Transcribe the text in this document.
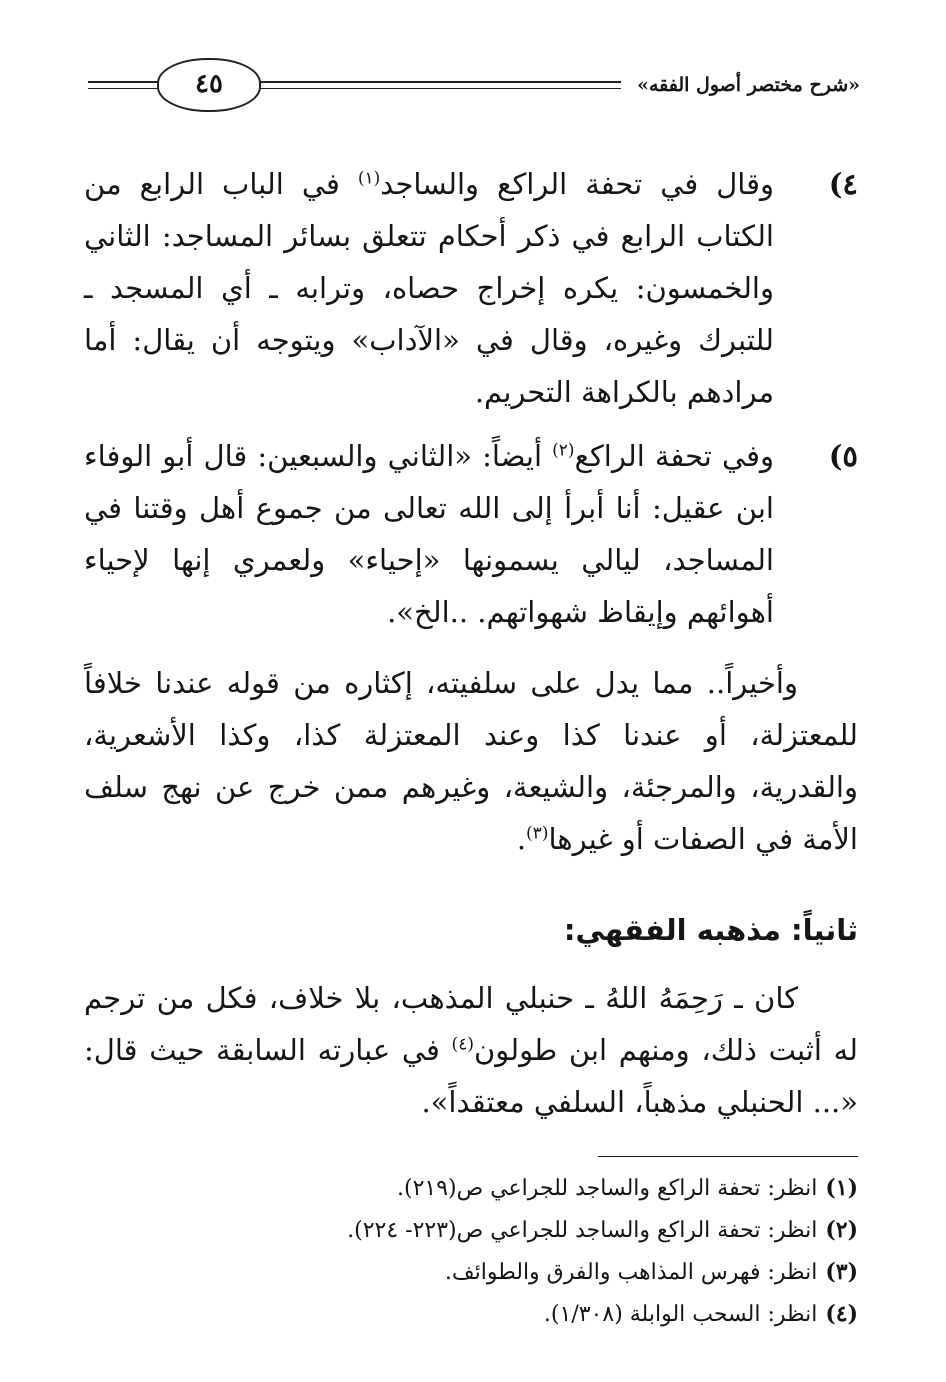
«شرح مختصر أصول الفقه»
٤٥
٤)
وقال في تحفة الراكع والساجد$^{(١)}$ في الباب الرابع من الكتاب الرابع في ذكر أحكام تتعلق بسائر المساجد: الثاني والخمسون: يكره إخراج حصاه، وترابه ـ أي المسجد ـ للتبرك وغيره، وقال في «الآداب» ويتوجه أن يقال: أما مرادهم بالكراهة التحريم.
٥)
وفي تحفة الراكع$^{(٢)}$ أيضاً: «الثاني والسبعين: قال أبو الوفاء ابن عقيل: أنا أبرأ إلى الله تعالى من جموع أهل وقتنا في المساجد، ليالي يسمونها «إحياء» ولعمري إنها لإحياء أهوائهم وإيقاظ شهواتهم. ..الخ».
وأخيراً.. مما يدل على سلفيته، إكثاره من قوله عندنا خلافاً للمعتزلة، أو عندنا كذا وعند المعتزلة كذا، وكذا الأشعرية، والقدرية، والمرجئة، والشيعة، وغيرهم ممن خرج عن نهج سلف الأمة في الصفات أو غيرها$^{(٣)}$.
ثانياً: مذهبه الفقهي:
كان ـ رَحِمَهُ اللهُ ـ حنبلي المذهب، بلا خلاف، فكل من ترجم له أثبت ذلك، ومنهم ابن طولون$^{(٤)}$ في عبارته السابقة حيث قال: «... الحنبلي مذهباً، السلفي معتقداً».
(١)انظر: تحفة الراكع والساجد للجراعي ص(٢١٩).
(٢)انظر: تحفة الراكع والساجد للجراعي ص(٢٢٣- ٢٢٤).
(٣)انظر: فهرس المذاهب والفرق والطوائف.
(٤)انظر: السحب الوابلة (١/٣٠٨).
